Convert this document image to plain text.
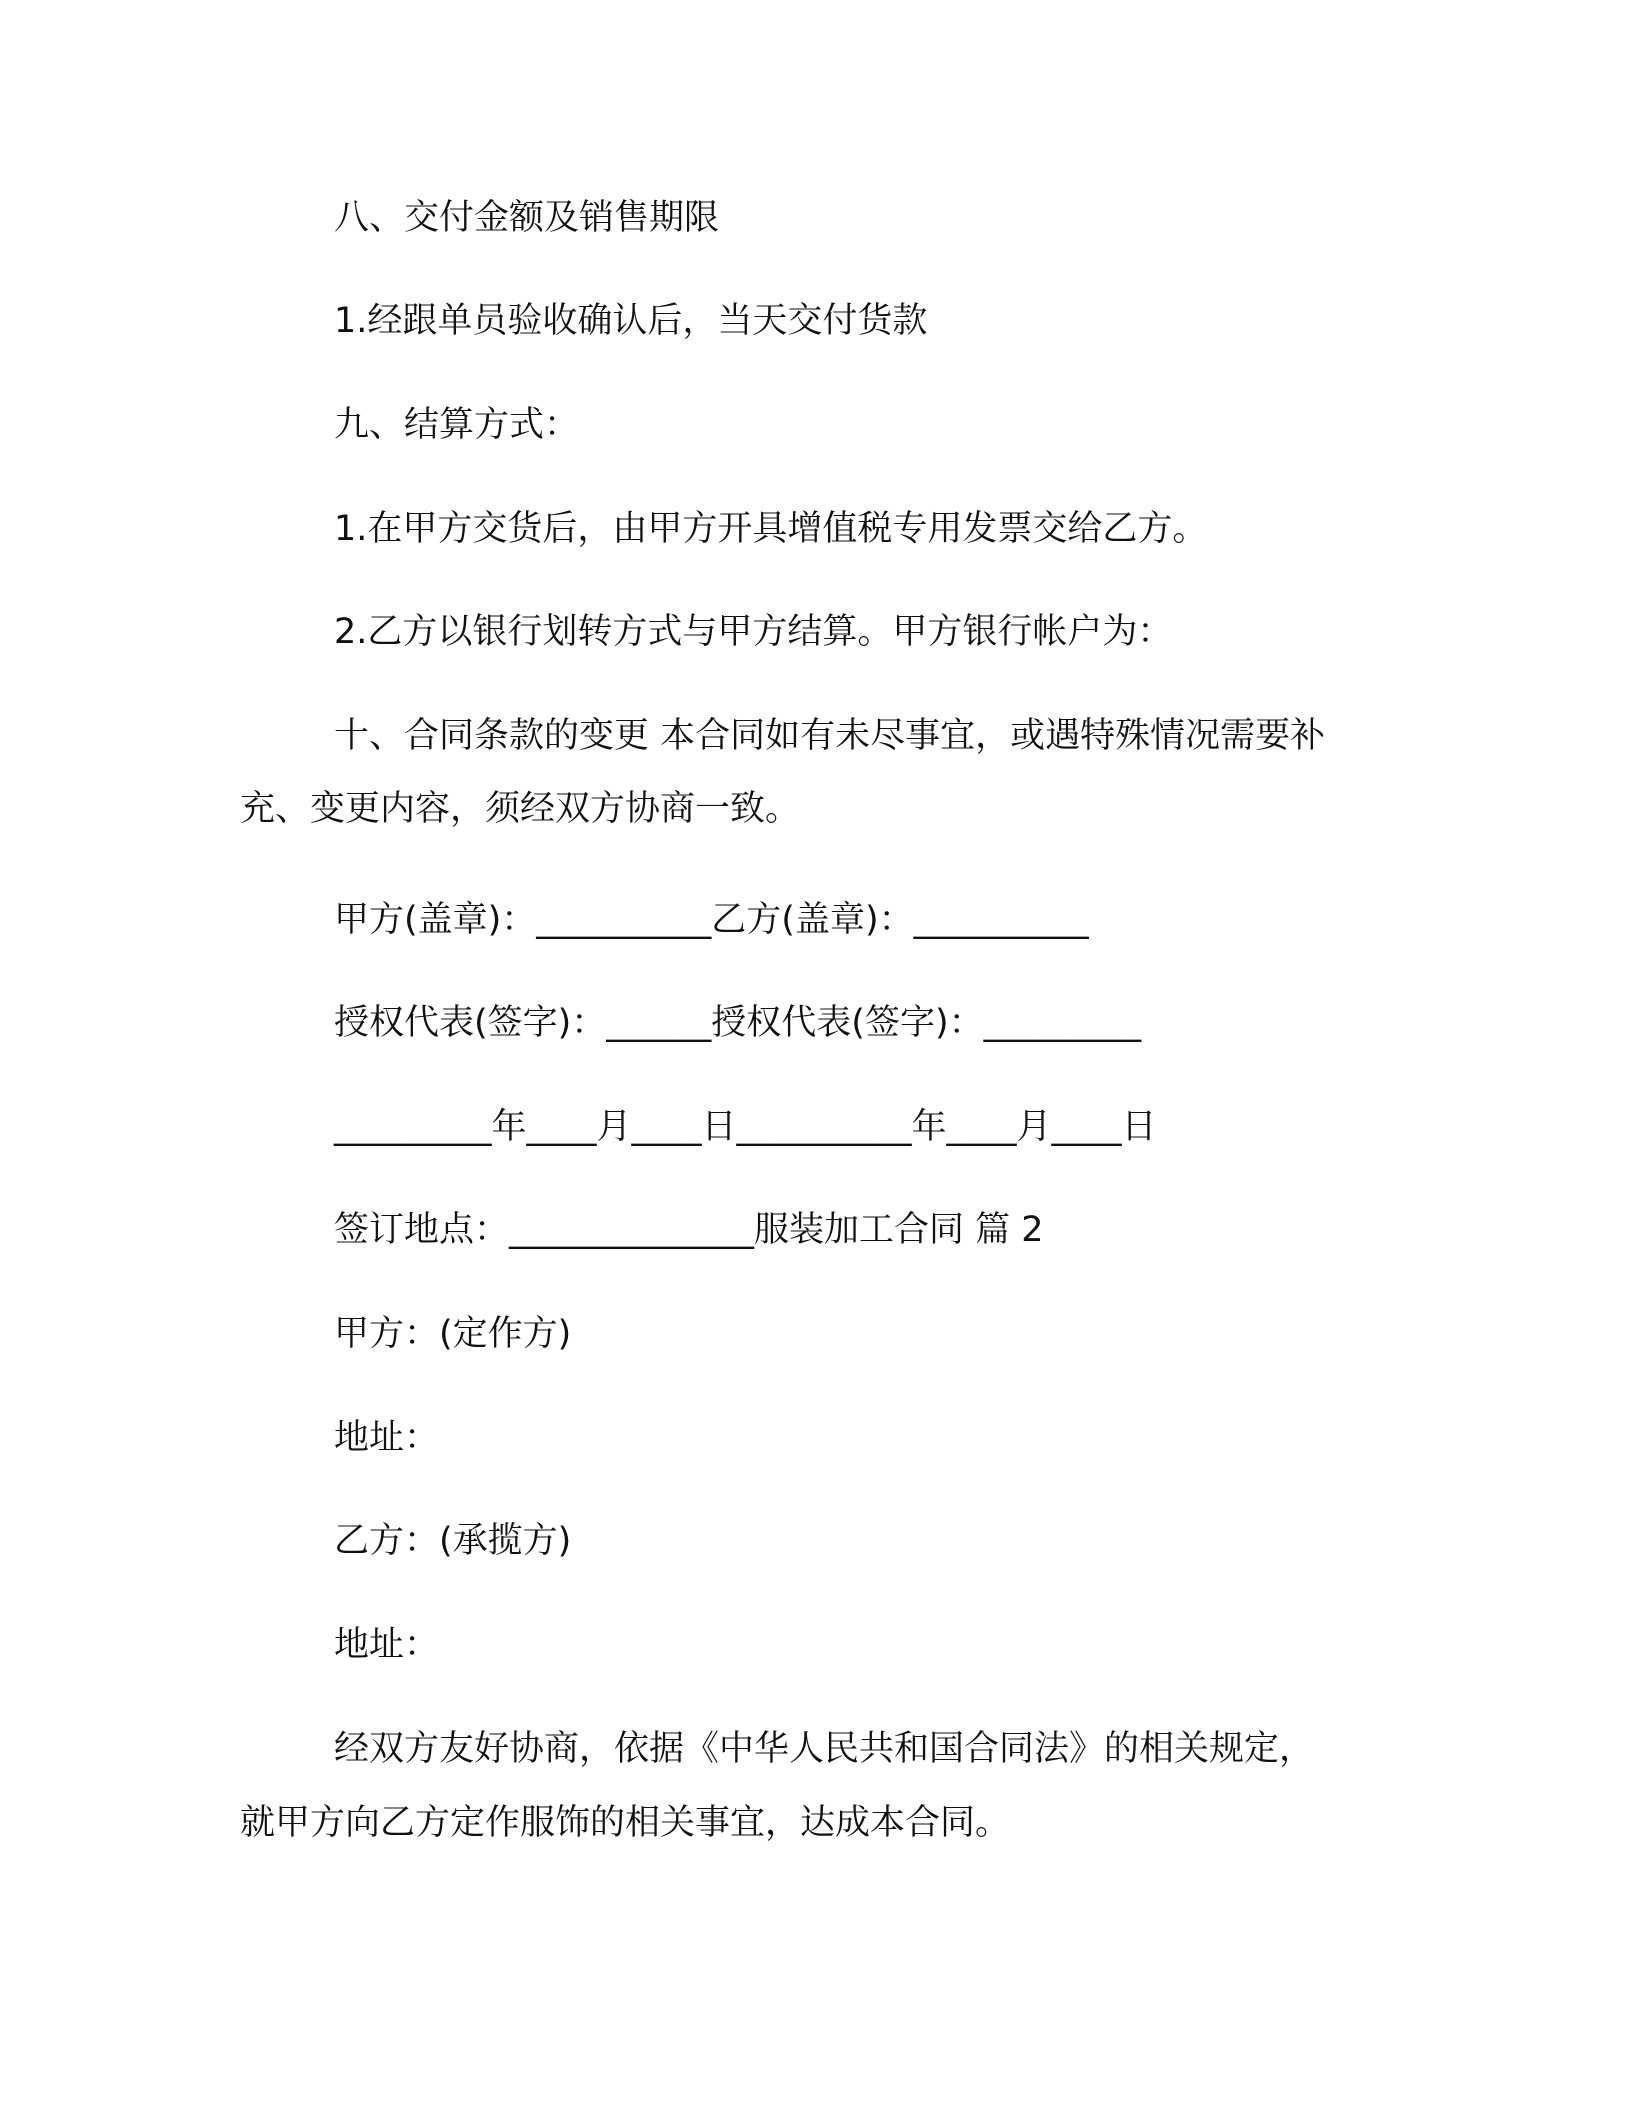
八、交付金额及销售期限
1.经跟单员验收确认后，当天交付货款
九、结算方式：
1.在甲方交货后，由甲方开具增值税专用发票交给乙方。
2.乙方以银行划转方式与甲方结算。甲方银行帐户为：
十、合同条款的变更 本合同如有未尽事宜，或遇特殊情况需要补
充、变更内容，须经双方协商一致。
甲方(盖章)：__________乙方(盖章)：__________
授权代表(签字)：______授权代表(签字)：_________
_________年____月____日__________年____月____日
签订地点：______________服装加工合同 篇 2
甲方：(定作方)
地址：
乙方：(承揽方)
地址：
经双方友好协商，依据《中华人民共和国合同法》的相关规定，
就甲方向乙方定作服饰的相关事宜，达成本合同。
